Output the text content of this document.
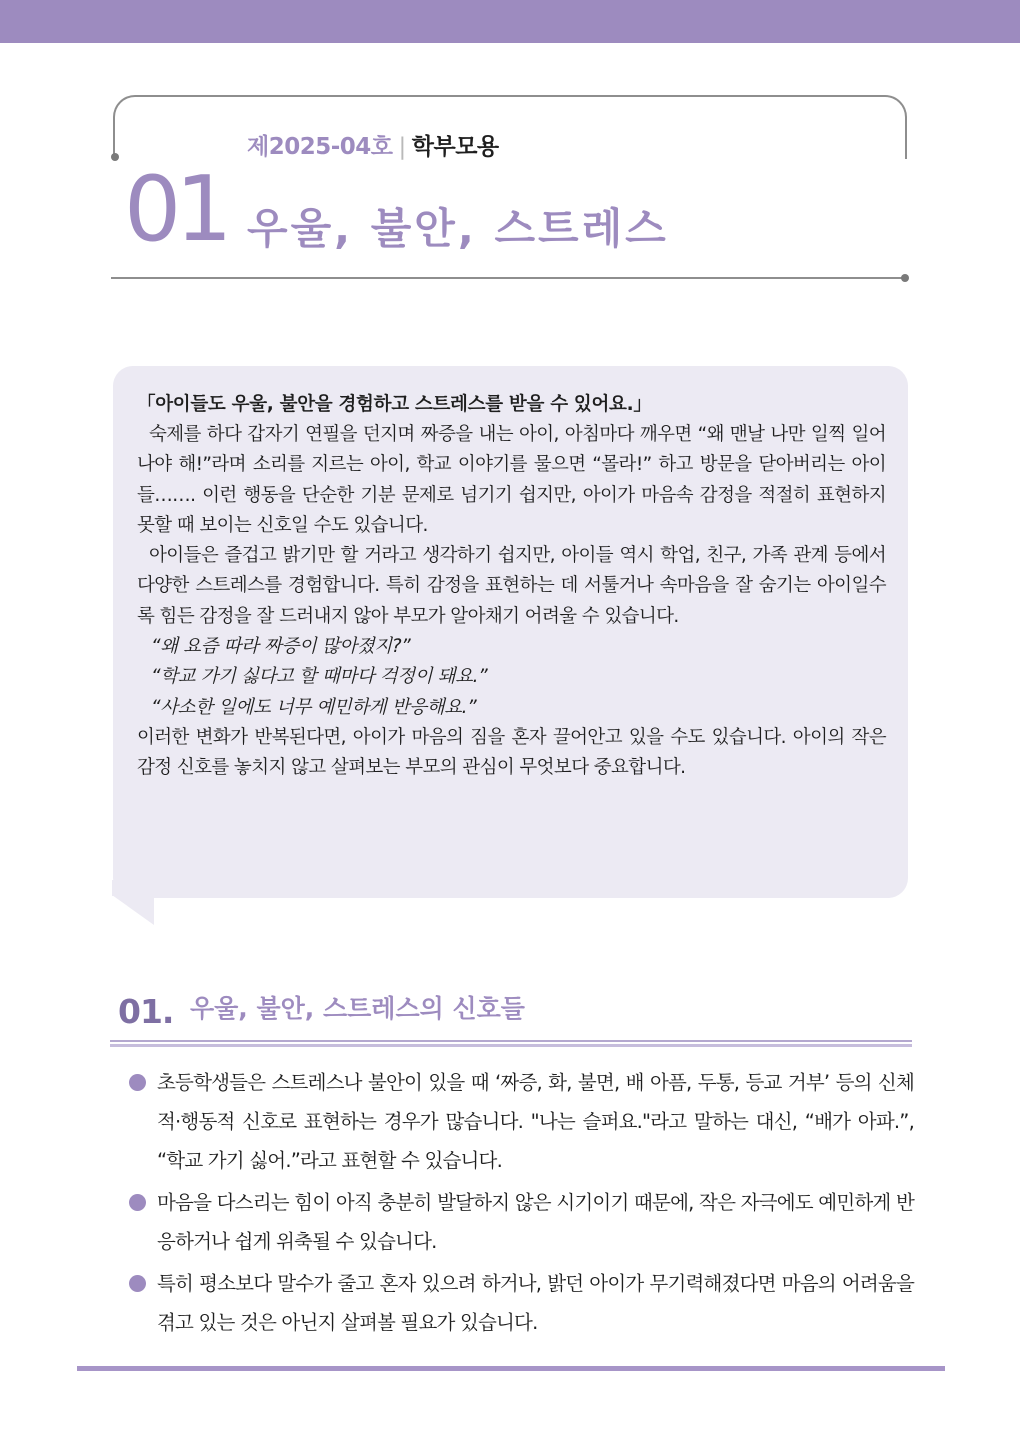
제2025-04호 | 학부모용
01 우울, 불안, 스트레스

「아이들도 우울, 불안을 경험하고 스트레스를 받을 수 있어요.」

숙제를 하다 갑자기 연필을 던지며 짜증을 내는 아이, 아침마다 깨우면 “왜 맨날 나만 일찍 일어나야 해!”라며 소리를 지르는 아이, 학교 이야기를 물으면 “몰라!” 하고 방문을 닫아버리는 아이들……. 이런 행동을 단순한 기분 문제로 넘기기 쉽지만, 아이가 마음속 감정을 적절히 표현하지 못할 때 보이는 신호일 수도 있습니다.

아이들은 즐겁고 밝기만 할 거라고 생각하기 쉽지만, 아이들 역시 학업, 친구, 가족 관계 등에서 다양한 스트레스를 경험합니다. 특히 감정을 표현하는 데 서툴거나 속마음을 잘 숨기는 아이일수록 힘든 감정을 잘 드러내지 않아 부모가 알아채기 어려울 수 있습니다.

“왜 요즘 따라 짜증이 많아졌지?”

“학교 가기 싫다고 할 때마다 걱정이 돼요.”

“사소한 일에도 너무 예민하게 반응해요.”

이러한 변화가 반복된다면, 아이가 마음의 짐을 혼자 끌어안고 있을 수도 있습니다. 아이의 작은 감정 신호를 놓치지 않고 살펴보는 부모의 관심이 무엇보다 중요합니다.

01. 우울, 불안, 스트레스의 신호들

초등학생들은 스트레스나 불안이 있을 때 ‘짜증, 화, 불면, 배 아픔, 두통, 등교 거부’ 등의 신체적·행동적 신호로 표현하는 경우가 많습니다. "나는 슬퍼요."라고 말하는 대신, “배가 아파.”, “학교 가기 싫어.”라고 표현할 수 있습니다.

마음을 다스리는 힘이 아직 충분히 발달하지 않은 시기이기 때문에, 작은 자극에도 예민하게 반응하거나 쉽게 위축될 수 있습니다.

특히 평소보다 말수가 줄고 혼자 있으려 하거나, 밝던 아이가 무기력해졌다면 마음의 어려움을 겪고 있는 것은 아닌지 살펴볼 필요가 있습니다.
